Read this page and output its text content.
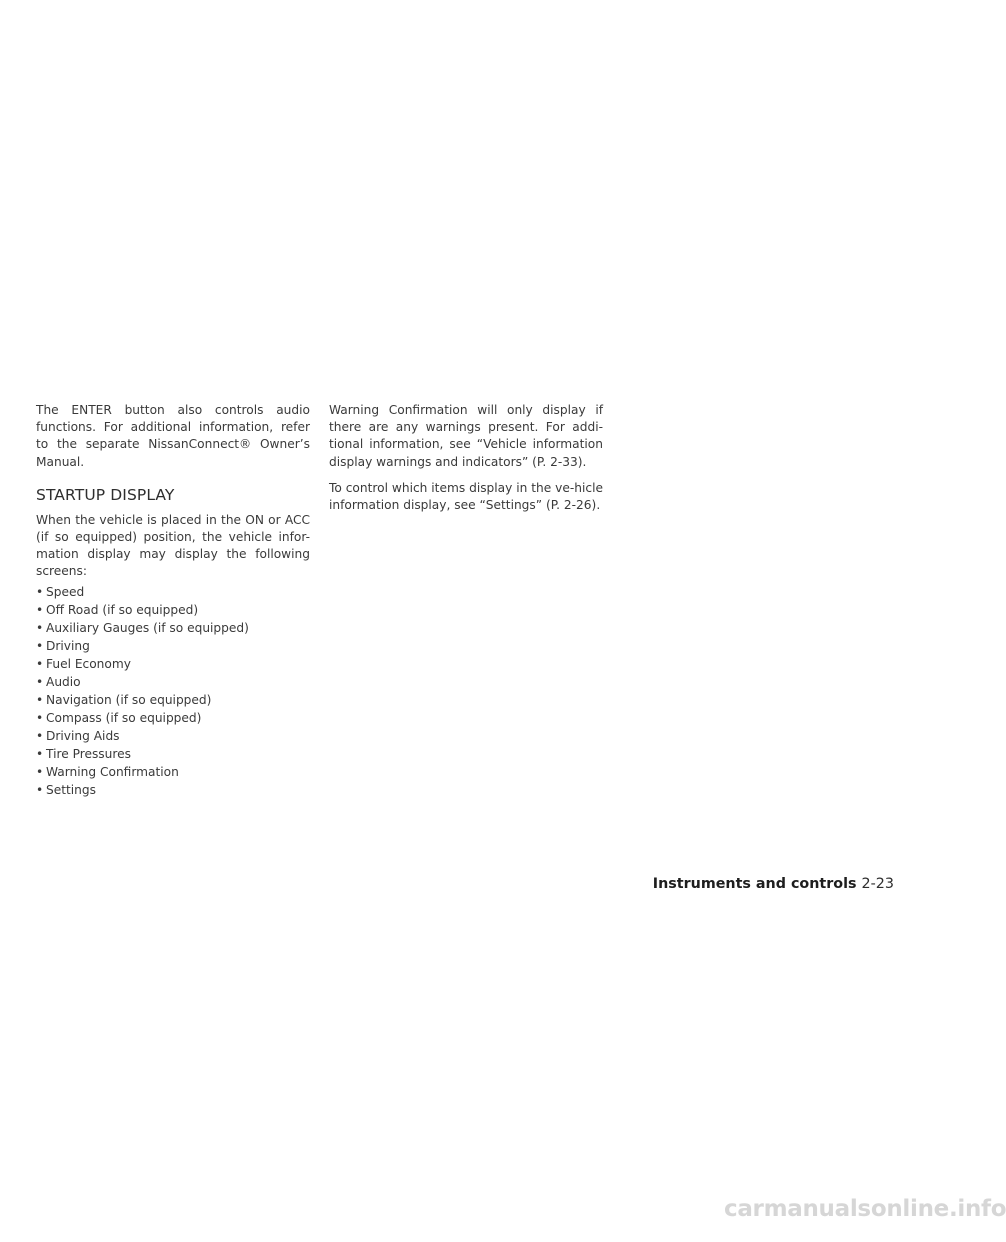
The ENTER button also controls audio functions. For additional information, refer to the separate NissanConnect® Owner’s Manual.

STARTUP DISPLAY

When the vehicle is placed in the ON or ACC (if so equipped) position, the vehicle infor-mation display may display the following screens:

• Speed
• Off Road (if so equipped)
• Auxiliary Gauges (if so equipped)
• Driving
• Fuel Economy
• Audio
• Navigation (if so equipped)
• Compass (if so equipped)
• Driving Aids
• Tire Pressures
• Warning Confirmation
• Settings

Warning Confirmation will only display if there are any warnings present. For addi-tional information, see “Vehicle information display warnings and indicators” (P. 2-33).

To control which items display in the ve-hicle information display, see “Settings” (P. 2-26).

Instruments and controls 2-23
carmanualsonline.info
